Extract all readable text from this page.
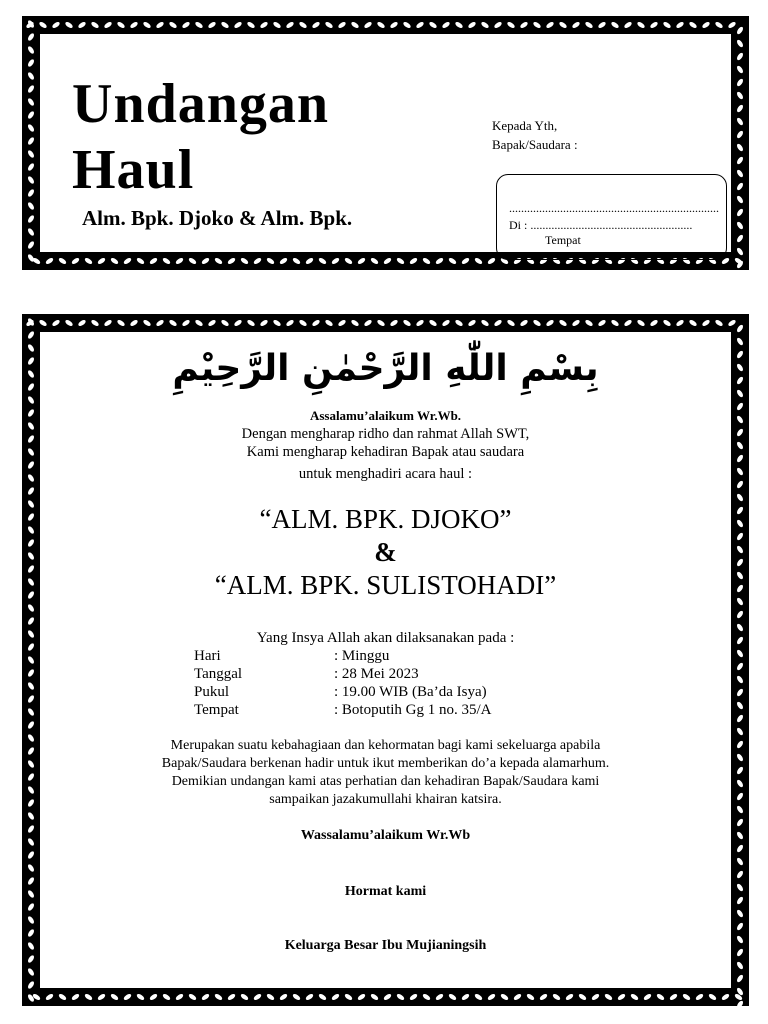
Undangan
Haul
Alm. Bpk. Djoko & Alm. Bpk.
Kepada Yth,
Bapak/Saudara :
......................................................................
Di : ......................................................
Tempat
بِسْمِ اللّٰهِ الرَّحْمٰنِ الرَّحِيْمِ
Assalamu’alaikum Wr.Wb.
Dengan mengharap ridho dan rahmat Allah SWT,
Kami mengharap kehadiran Bapak atau saudara
untuk menghadiri acara haul :
“ALM. BPK. DJOKO”
&
“ALM. BPK. SULISTOHADI”
Yang Insya Allah akan dilaksanakan pada :
Hari	: Minggu
Tanggal	: 28 Mei 2023
Pukul	: 19.00 WIB (Ba’da Isya)
Tempat	: Botoputih Gg 1 no. 35/A
Merupakan suatu kebahagiaan dan kehormatan bagi kami sekeluarga apabila
Bapak/Saudara berkenan hadir untuk ikut memberikan do’a kepada alamarhum.
Demikian undangan kami atas perhatian dan kehadiran Bapak/Saudara kami
sampaikan jazakumullahi khairan katsira.
Wassalamu’alaikum Wr.Wb
Hormat kami
Keluarga Besar Ibu Mujianingsih
